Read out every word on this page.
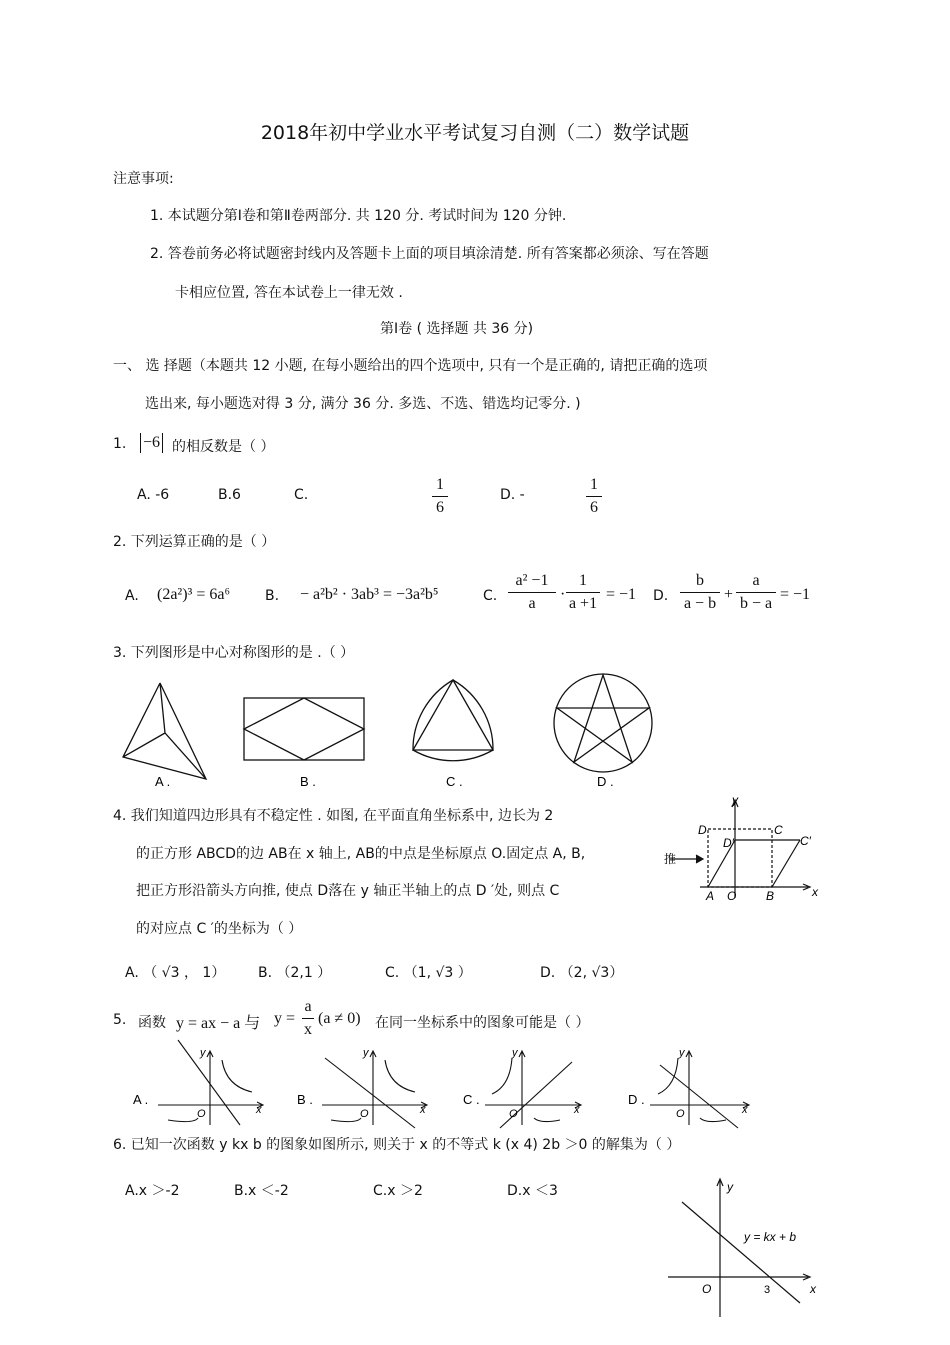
2018年初中学业水平考试复习自测（二）数学试题
注意事项:
1. 本试题分第Ⅰ卷和第Ⅱ卷两部分. 共 120 分. 考试时间为 120 分钟.
2. 答卷前务必将试题密封线内及答题卡上面的项目填涂清楚. 所有答案都必须涂、写在答题
卡相应位置, 答在本试卷上一律无效 .
第Ⅰ卷 ( 选择题 共 36 分)
一、 选 择题（本题共 12 小题, 在每小题给出的四个选项中, 只有一个是正确的, 请把正确的选项
选出来, 每小题选对得 3 分, 满分 36 分. 多选、不选、错选均记零分. )
1. −6 的相反数是（ ）
A. -6	B.6	C.
1
6
D. -
1
6
2. 下列运算正确的是（ ）
A. (2a²)³ = 6a⁶ B. − a²b² · 3ab³ = −3a²b⁵	C.
a² −1
a
·
1
a +1
= −1 D.
b
a − b
+
a
b − a
= −1
3. 下列图形是中心对称图形的是 .（ ）
A .	B .	C .	D .
4. 我们知道四边形具有不稳定性 . 如图, 在平面直角坐标系中, 边长为 2
的正方形 ABCD的边 AB在 x 轴上, AB的中点是坐标原点 O.固定点 A, B,
把正方形沿箭头方向推, 使点 D落在 y 轴正半轴上的点 D ′处, 则点 C
的对应点 C ′的坐标为（ ）
A. （ √3 ， 1） B. （2,1 ）	C. （1, √3 ）	D. （2, √3）
y
x
D	C
D′	C′
A O B
推
5. 函数 y = ax − a 与 y =
a
x
(a ≠ 0) 在同一坐标系中的图象可能是（ ）
A .	B .	C .	D .
y
x
O
y
x
O
y
x
O
y
x
O
6. 已知一次函数 y kx b 的图象如图所示, 则关于 x 的不等式 k (x 4) 2b ＞0 的解集为（ ）
A.x ＞-2	B.x ＜-2	C.x ＞2	D.x ＜3	y
x
O	3
y = kx + b
